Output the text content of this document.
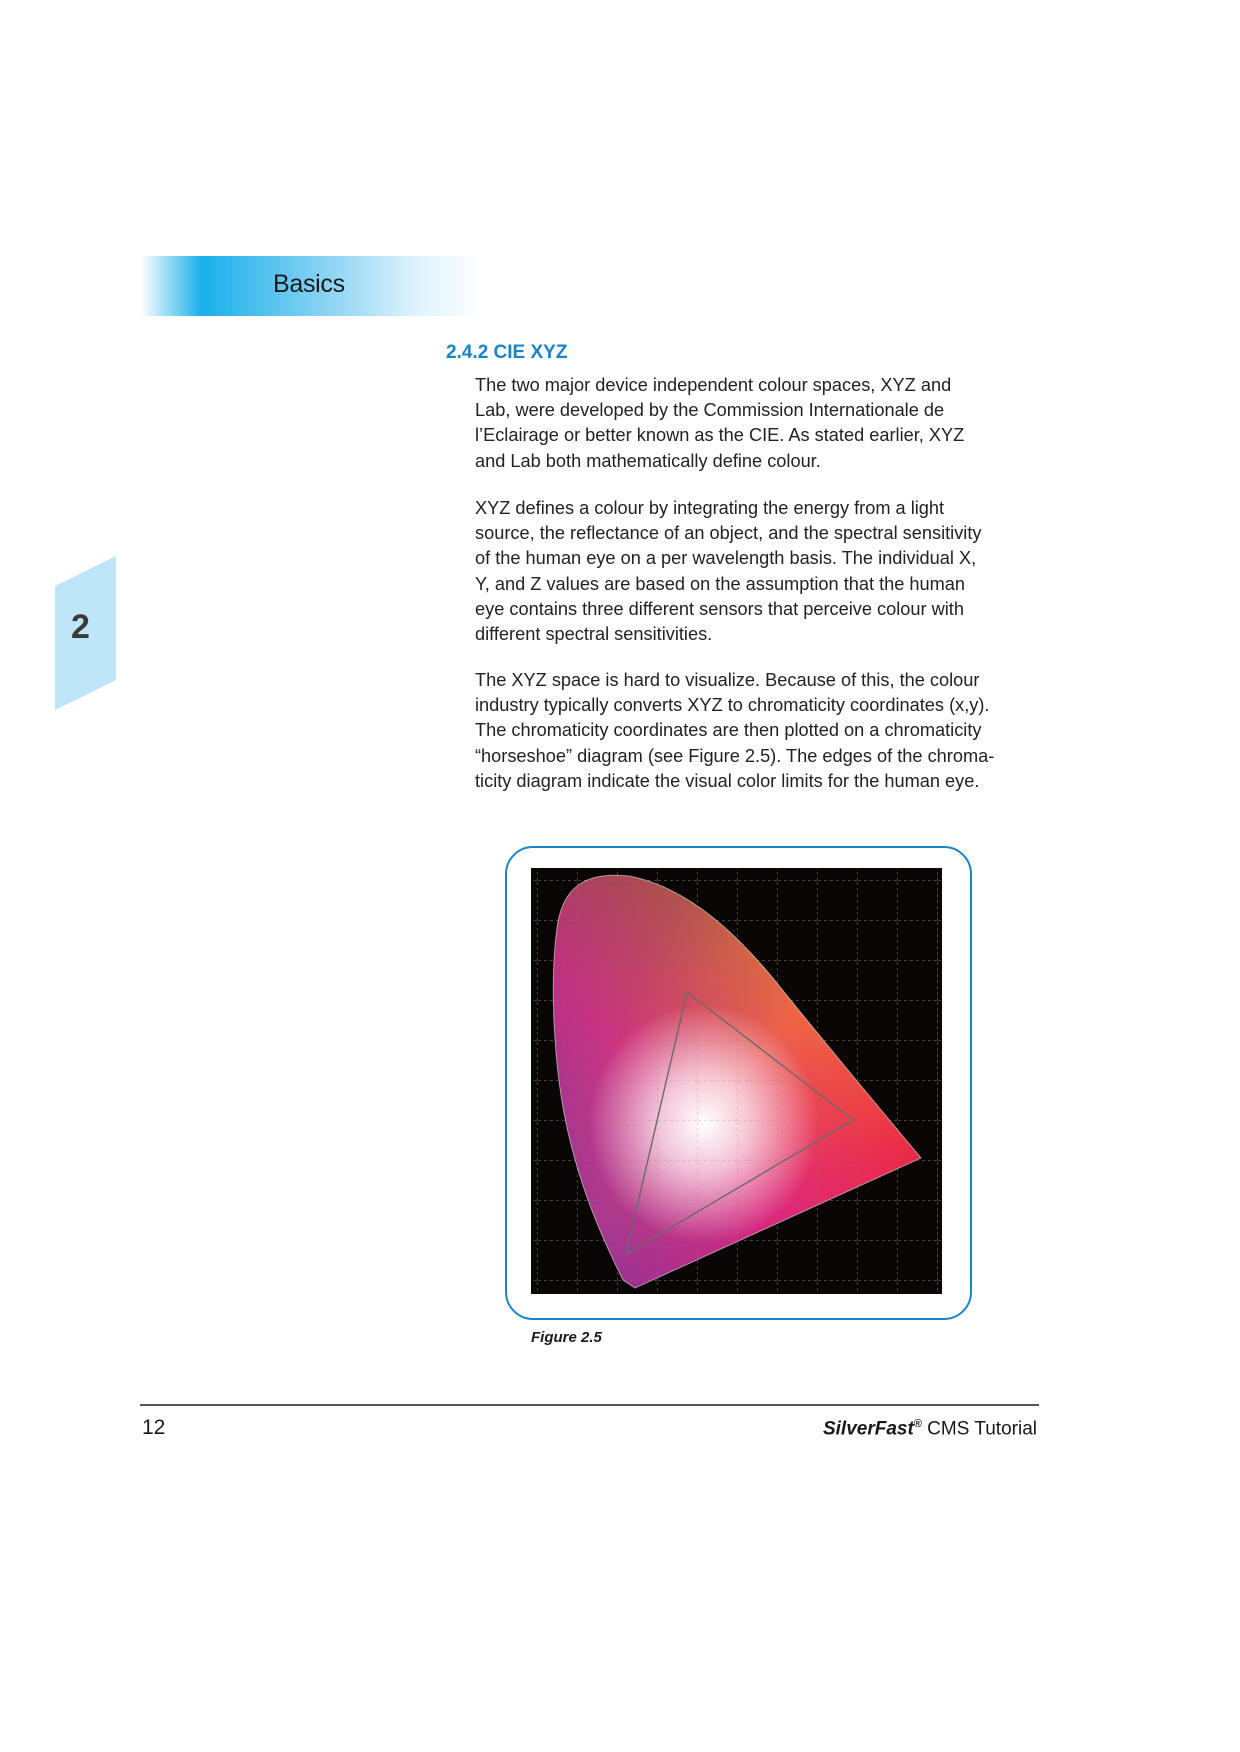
Basics
2
2.4.2 CIE XYZ

The two major device independent colour spaces, XYZ and
Lab, were developed by the Commission Internationale de
l’Eclairage or better known as the CIE. As stated earlier, XYZ
and Lab both mathematically define colour.

XYZ defines a colour by integrating the energy from a light
source, the reflectance of an object, and the spectral sensitivity
of the human eye on a per wavelength basis. The individual X,
Y, and Z values are based on the assumption that the human
eye contains three different sensors that perceive colour with
different spectral sensitivities.

The XYZ space is hard to visualize. Because of this, the colour
industry typically converts XYZ to chromaticity coordinates (x,y).
The chromaticity coordinates are then plotted on a chromaticity
“horseshoe” diagram (see Figure 2.5). The edges of the chroma-
ticity diagram indicate the visual color limits for the human eye.

Figure 2.5
12	SilverFast® CMS Tutorial
